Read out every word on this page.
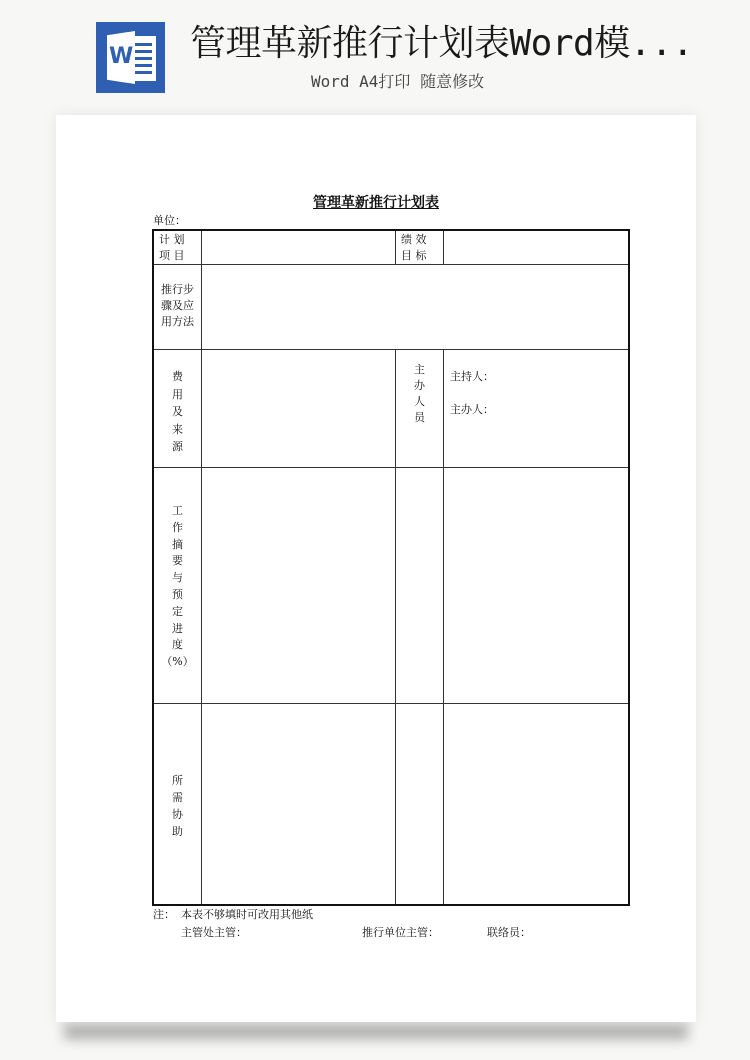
W 管理革新推行计划表Word模...
Word A4打印 随意修改
管理革新推行计划表
单位：
计 划
项 目
绩 效
目 标
推行步
骤及应
用方法
费
用
及
来
源
主
办
人
员
主持人：
主办人：
工
作
摘
要
与
预
定
进
度
（%）
所
需
协
助
注： 本表不够填时可改用其他纸
主管处主管：	推行单位主管：	联络员：
